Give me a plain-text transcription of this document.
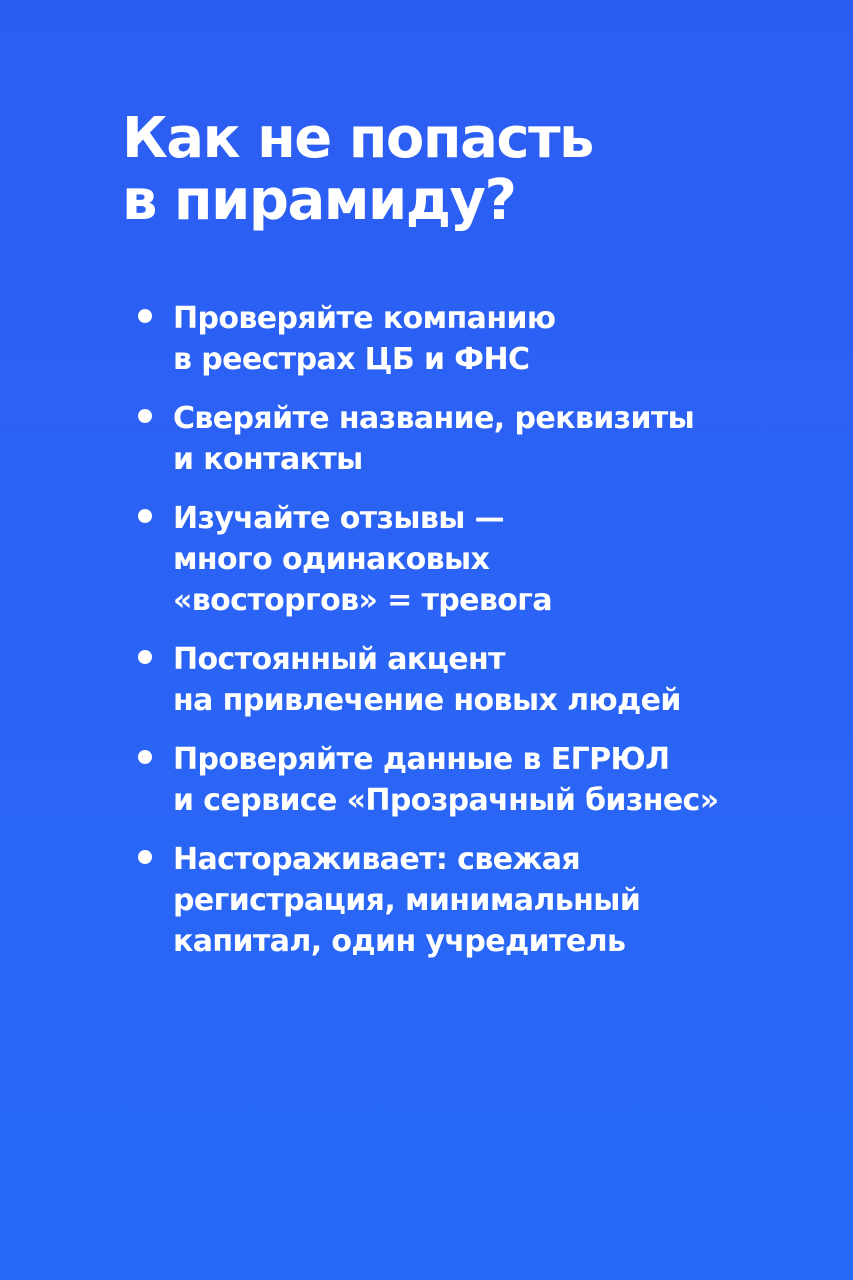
Как не попасть
в пирамиду?
Проверяйте компанию
в реестрах ЦБ и ФНС
Сверяйте название, реквизиты
и контакты
Изучайте отзывы —
много одинаковых
«восторгов» = тревога
Постоянный акцент
на привлечение новых людей
Проверяйте данные в ЕГРЮЛ
и сервисе «Прозрачный бизнес»
Настораживает: свежая
регистрация, минимальный
капитал, один учредитель
